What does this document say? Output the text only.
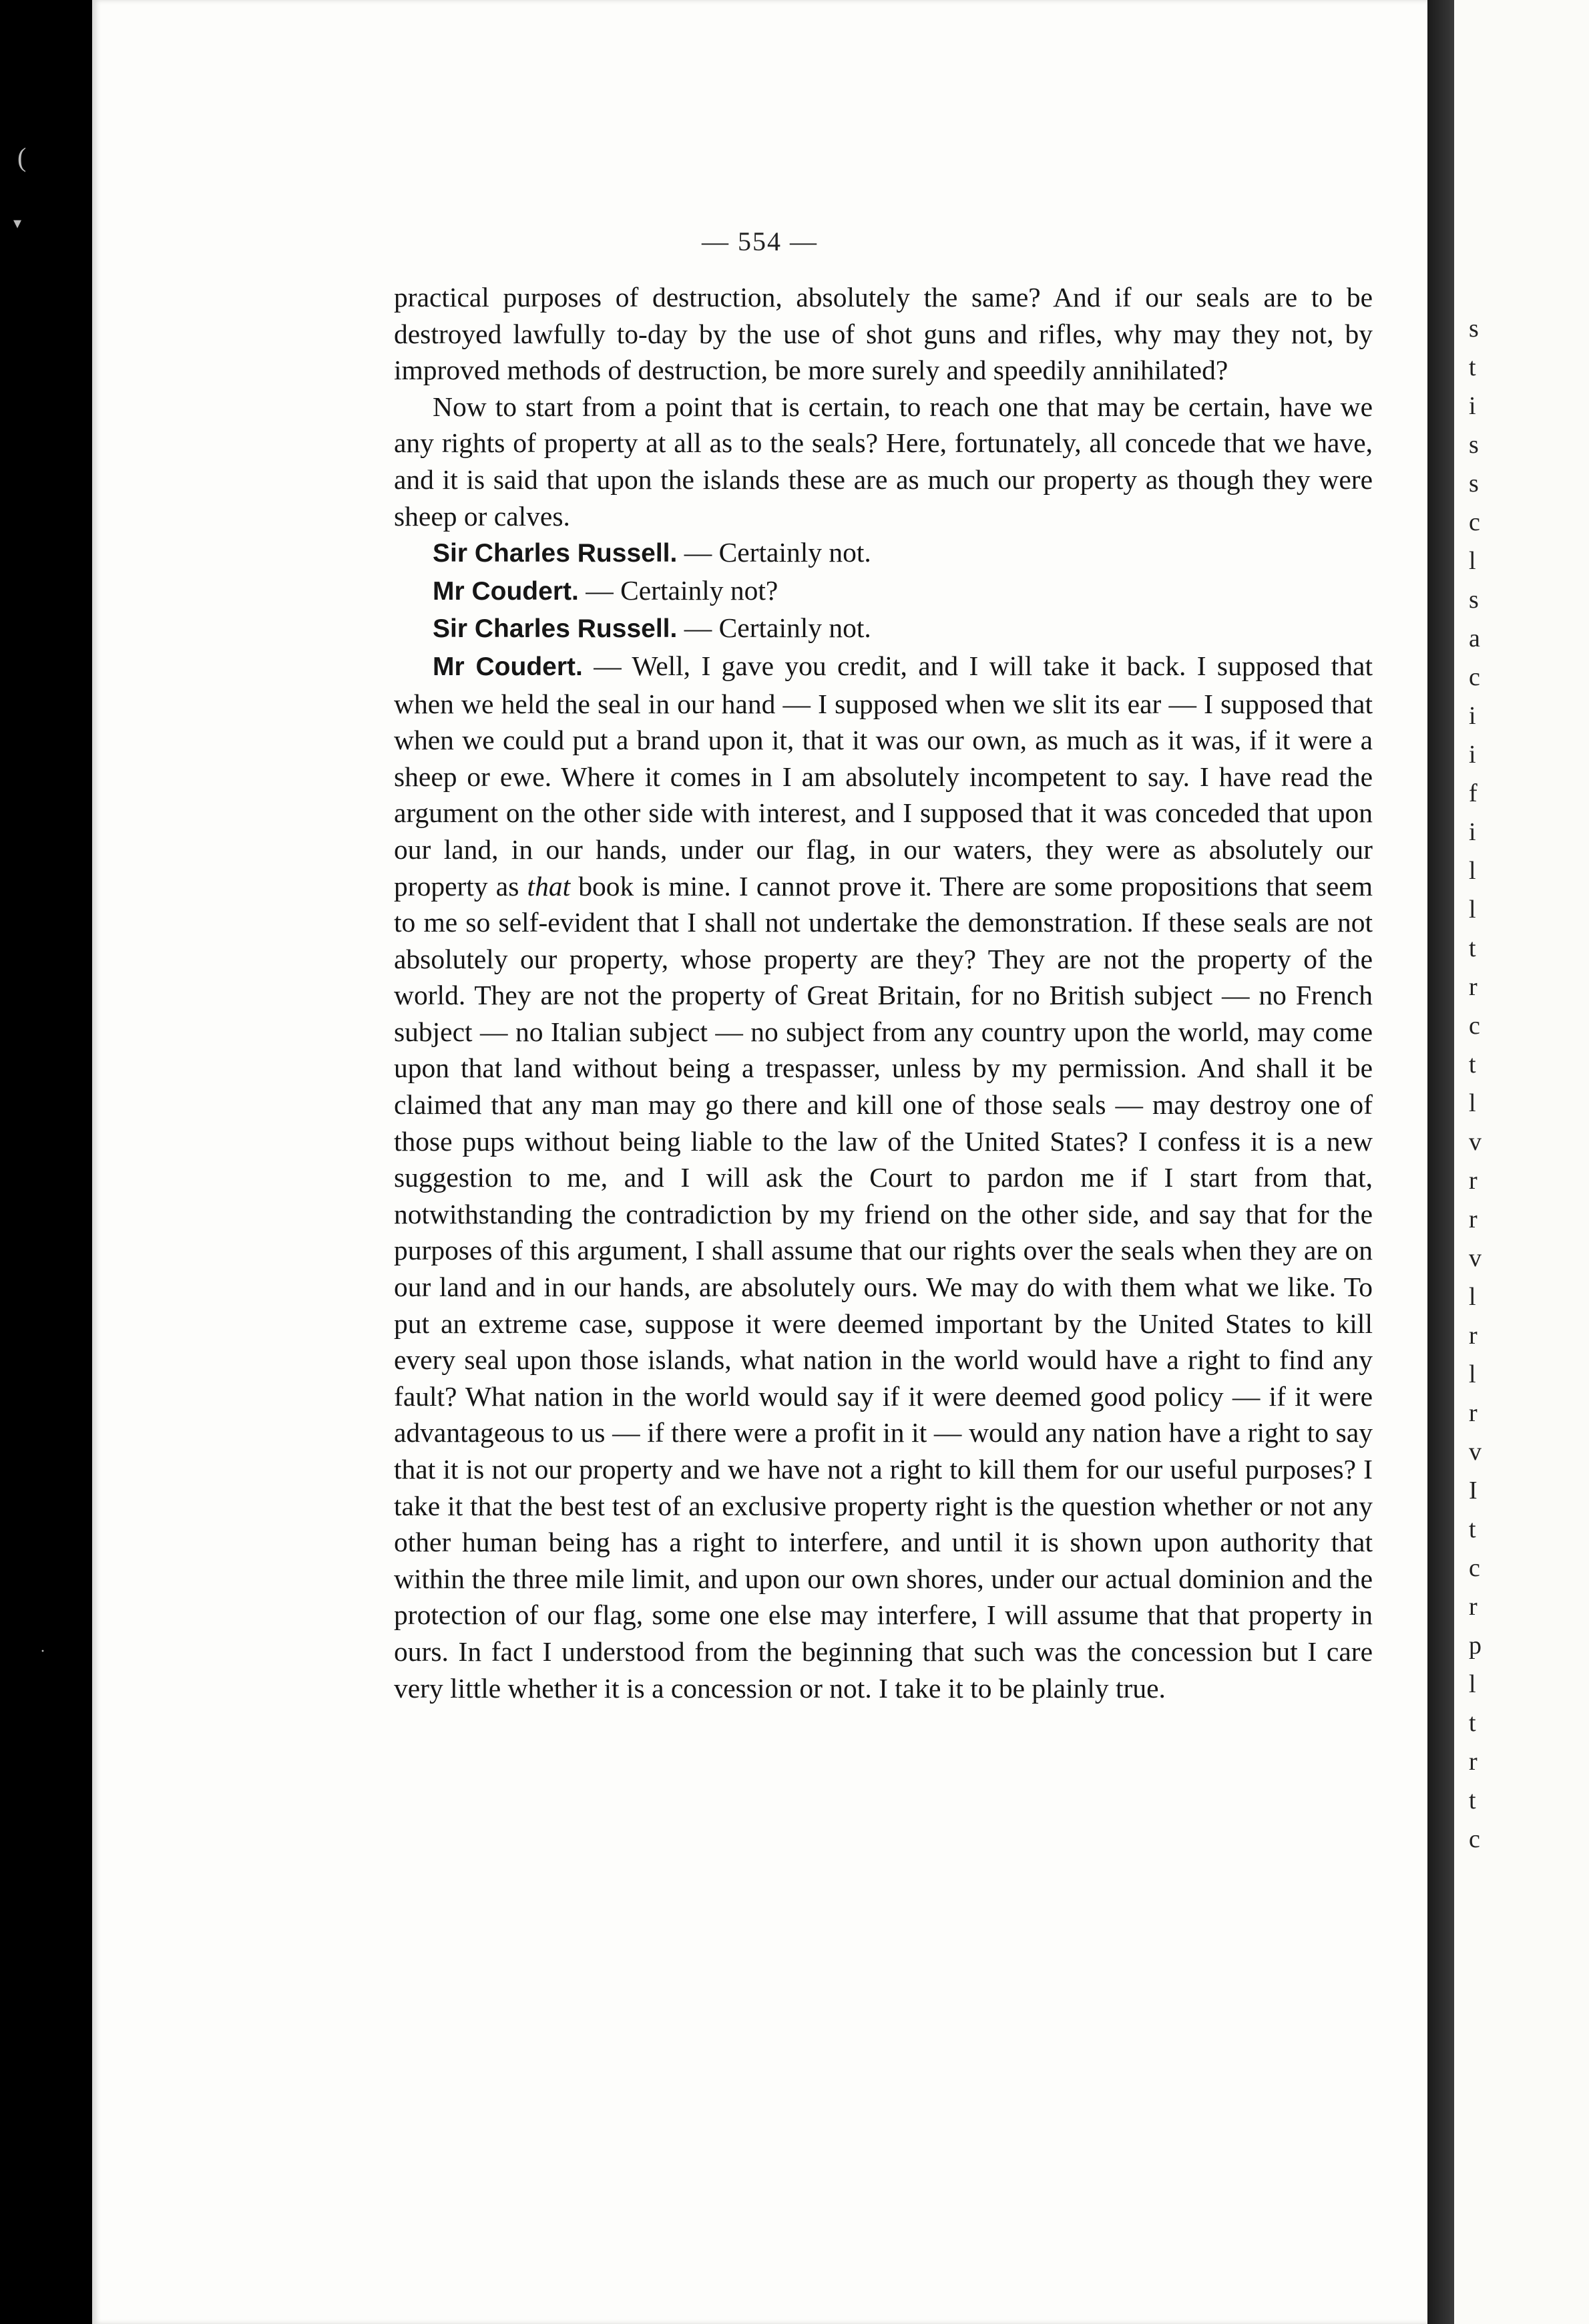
(
▾
·
— 554 —

practical purposes of destruction, absolutely the same? And if our seals are to be destroyed lawfully to-day by the use of shot guns and rifles, why may they not, by improved methods of destruction, be more surely and speedily annihilated?

Now to start from a point that is certain, to reach one that may be certain, have we any rights of property at all as to the seals? Here, fortunately, all concede that we have, and it is said that upon the islands these are as much our property as though they were sheep or calves.

Sir Charles Russell. — Certainly not.

Mr Coudert. — Certainly not?

Sir Charles Russell. — Certainly not.

Mr Coudert. — Well, I gave you credit, and I will take it back. I supposed that when we held the seal in our hand — I supposed when we slit its ear — I supposed that when we could put a brand upon it, that it was our own, as much as it was, if it were a sheep or ewe. Where it comes in I am absolutely incompetent to say. I have read the argument on the other side with interest, and I supposed that it was conceded that upon our land, in our hands, under our flag, in our waters, they were as absolutely our property as that book is mine. I cannot prove it. There are some propositions that seem to me so self-evident that I shall not undertake the demonstration. If these seals are not absolutely our property, whose property are they? They are not the property of the world. They are not the property of Great Britain, for no British subject — no French subject — no Italian subject — no subject from any country upon the world, may come upon that land without being a trespasser, unless by my permission. And shall it be claimed that any man may go there and kill one of those seals — may destroy one of those pups without being liable to the law of the United States? I confess it is a new suggestion to me, and I will ask the Court to pardon me if I start from that, notwithstanding the contradiction by my friend on the other side, and say that for the purposes of this argument, I shall assume that our rights over the seals when they are on our land and in our hands, are absolutely ours. We may do with them what we like. To put an extreme case, suppose it were deemed important by the United States to kill every seal upon those islands, what nation in the world would have a right to find any fault? What nation in the world would say if it were deemed good policy — if it were advantageous to us — if there were a profit in it — would any nation have a right to say that it is not our property and we have not a right to kill them for our useful purposes? I take it that the best test of an exclusive property right is the question whether or not any other human being has a right to interfere, and until it is shown upon authority that within the three mile limit, and upon our own shores, under our actual dominion and the protection of our flag, some one else may interfere, I will assume that that property in ours. In fact I understood from the beginning that such was the concession but I care very little whether it is a concession or not. I take it to be plainly true.

s
t
i
s
s
c
l
s
a
c
i
i
f
i
l
l
t
r
c
t
l
v
r
r
v
l
r
l
r
v
I
t
c
r
p
l
t
r
t
c
